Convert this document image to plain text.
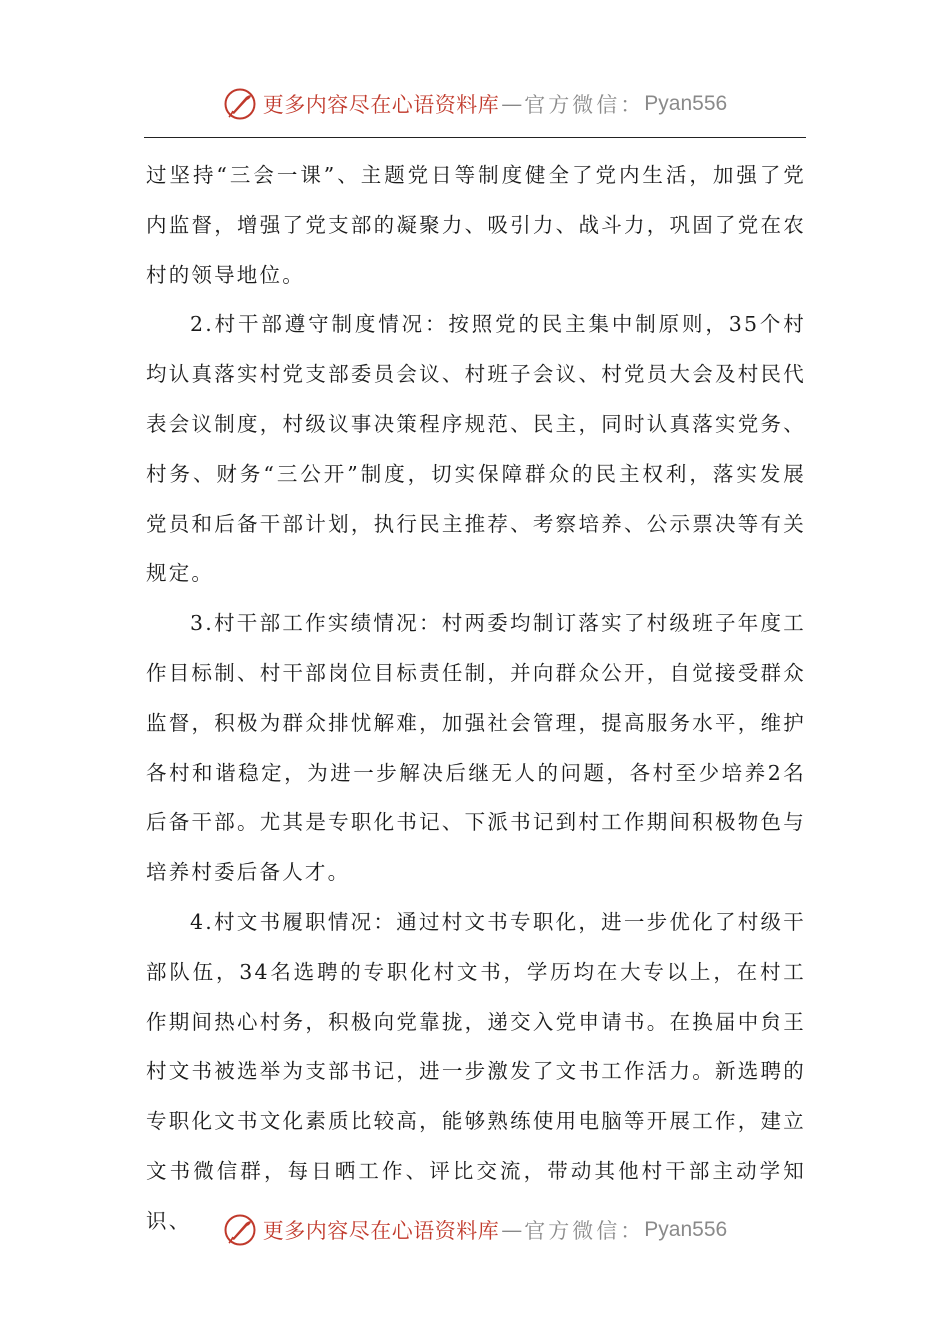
更多内容尽在心语资料库 — 官方微信： Pyan556

过坚持“三会一课”、主题党日等制度健全了党内生活，加强了党内监督，增强了党支部的凝聚力、吸引力、战斗力，巩固了党在农村的领导地位。

2.村干部遵守制度情况：按照党的民主集中制原则，35个村均认真落实村党支部委员会议、村班子会议、村党员大会及村民代表会议制度，村级议事决策程序规范、民主，同时认真落实党务、村务、财务“三公开”制度，切实保障群众的民主权利，落实发展党员和后备干部计划，执行民主推荐、考察培养、公示票决等有关规定。

3.村干部工作实绩情况：村两委均制订落实了村级班子年度工作目标制、村干部岗位目标责任制，并向群众公开，自觉接受群众监督，积极为群众排忧解难，加强社会管理，提高服务水平，维护各村和谐稳定，为进一步解决后继无人的问题，各村至少培养2名后备干部。尤其是专职化书记、下派书记到村工作期间积极物色与培养村委后备人才。

4.村文书履职情况：通过村文书专职化，进一步优化了村级干部队伍，34名选聘的专职化村文书，学历均在大专以上，在村工作期间热心村务，积极向党靠拢，递交入党申请书。在换届中贠王村文书被选举为支部书记，进一步激发了文书工作活力。新选聘的专职化文书文化素质比较高，能够熟练使用电脑等开展工作，建立文书微信群，每日晒工作、评比交流，带动其他村干部主动学知识、	更多内容尽在心语资料库 — 官方微信： Pyan556
